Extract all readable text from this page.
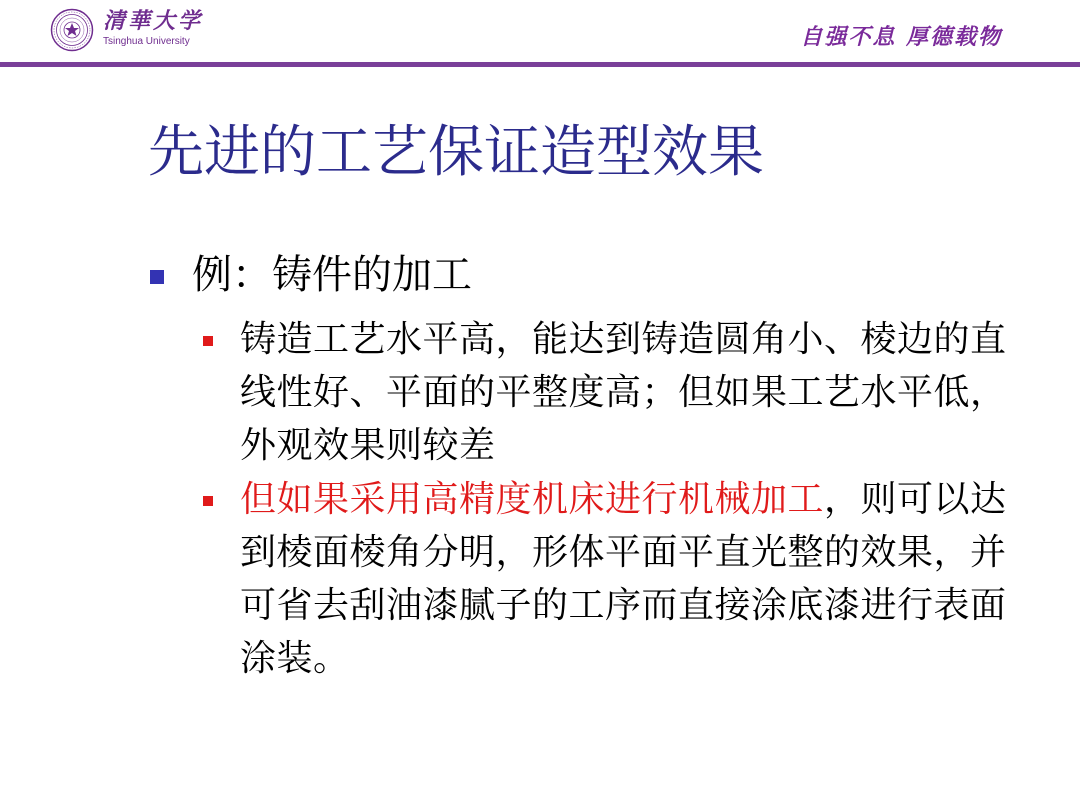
清華大学
Tsinghua University	自强不息 厚德载物
先进的工艺保证造型效果
例：铸件的加工
铸造工艺水平高，能达到铸造圆角小、棱边的直线性好、平面的平整度高；但如果工艺水平低，外观效果则较差
但如果采用高精度机床进行机械加工，则可以达到棱面棱角分明，形体平面平直光整的效果，并可省去刮油漆腻子的工序而直接涂底漆进行表面涂装。
